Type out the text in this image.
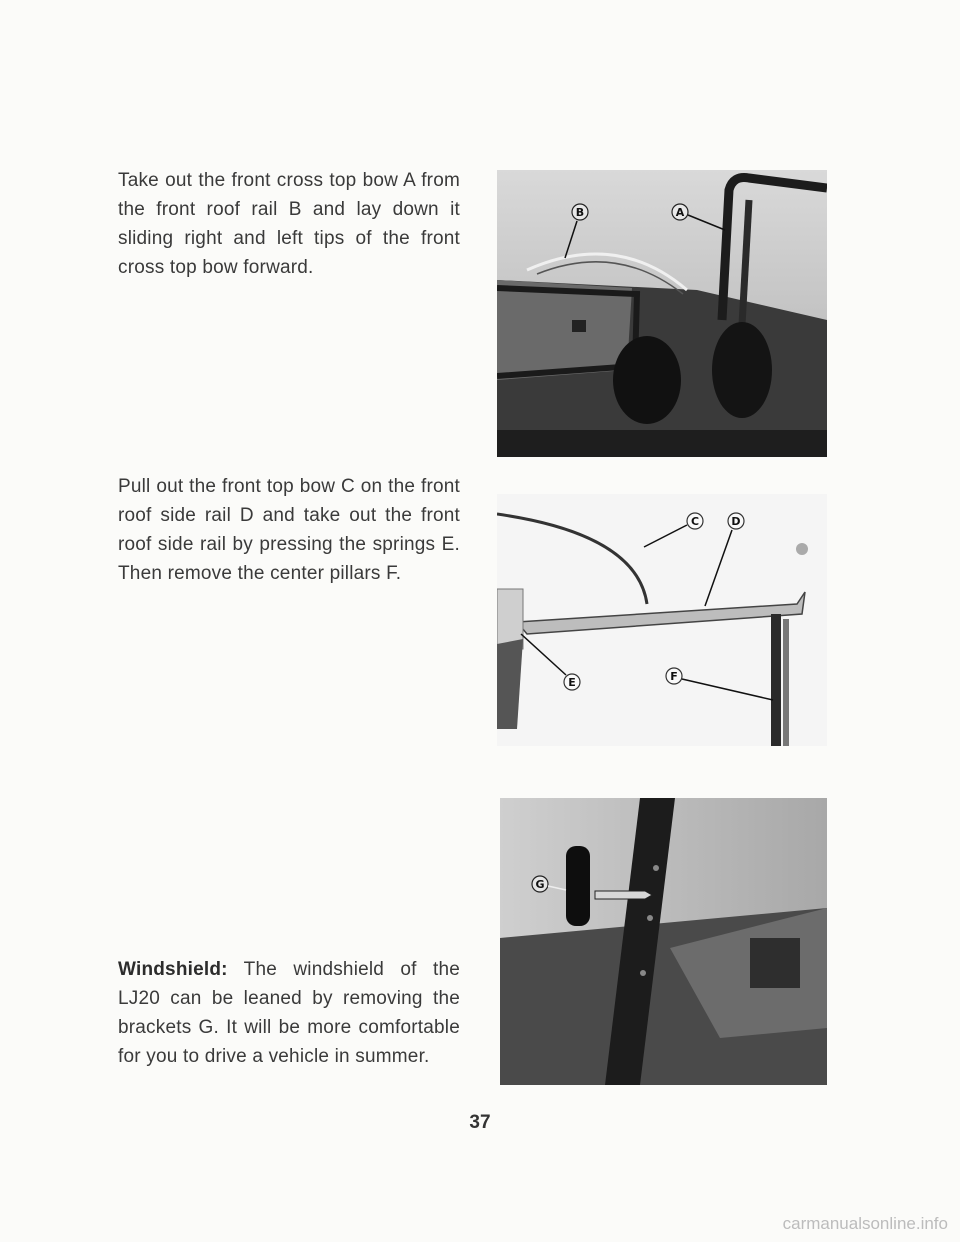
Take out the front cross top bow A from the front roof rail B and lay down it sliding right and left tips of the front cross top bow forward.
Pull out the front top bow C on the front roof side rail D and take out the front roof side rail by pressing the springs E. Then remove the center pillars F.
Windshield: The windshield of the LJ20 can be leaned by removing the brackets G. It will be more comfortable for you to drive a vehicle in summer.
B	A
C	D
E	F
G
37
carmanualsonline.info
